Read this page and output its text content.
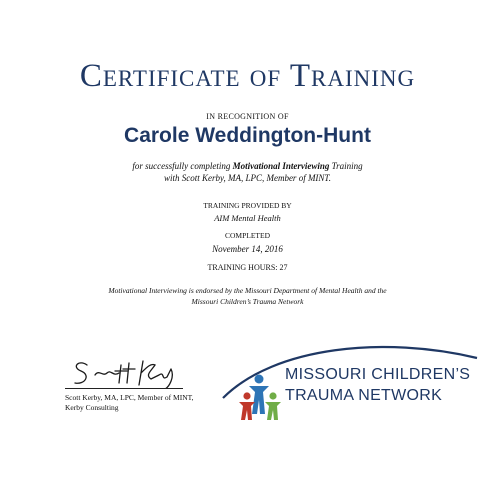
Certificate of Training
IN RECOGNITION OF
Carole Weddington-Hunt
for successfully completing Motivational Interviewing Training
with Scott Kerby, MA, LPC, Member of MINT.
TRAINING PROVIDED BY
AIM Mental Health
COMPLETED
November 14, 2016
TRAINING HOURS: 27
Motivational Interviewing is endorsed by the Missouri Department of Mental Health and the
Missouri Children’s Trauma Network
Scott Kerby, MA, LPC, Member of MINT,
Kerby Consulting
MISSOURI CHILDREN’S
TRAUMA NETWORK
